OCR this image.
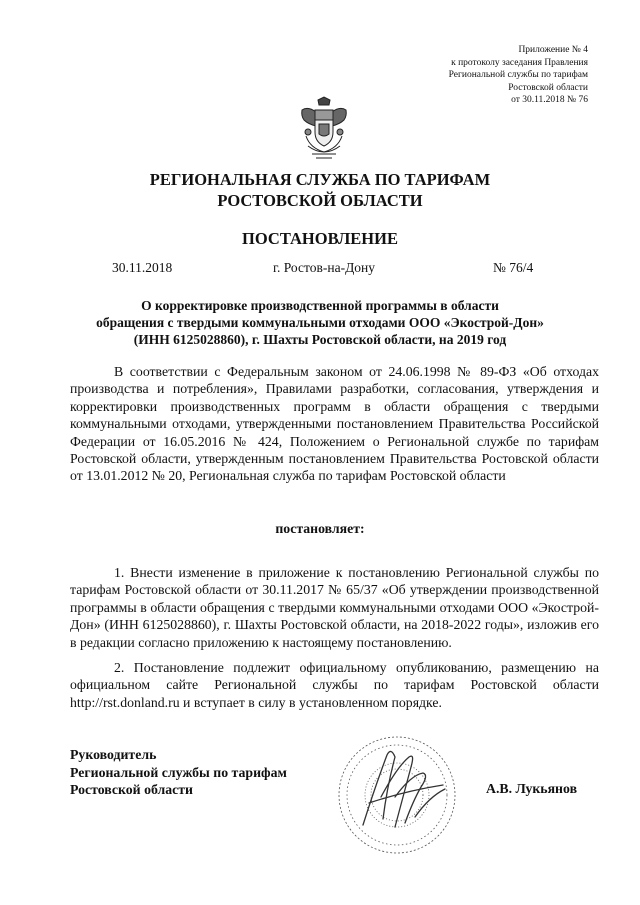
Приложение № 4
к протоколу заседания Правления
Региональной службы по тарифам
Ростовской области
от 30.11.2018 № 76
РЕГИОНАЛЬНАЯ СЛУЖБА ПО ТАРИФАМ
РОСТОВСКОЙ ОБЛАСТИ
ПОСТАНОВЛЕНИЕ
30.11.2018	г. Ростов-на-Дону	№ 76/4
О корректировке производственной программы в области
обращения с твердыми коммунальными отходами ООО «Экострой-Дон»
(ИНН 6125028860), г. Шахты Ростовской области, на 2019 год

В соответствии с Федеральным законом от 24.06.1998 № 89-ФЗ «Об отходах производства и потребления», Правилами разработки, согласования, утверждения и корректировки производственных программ в области обращения с твердыми коммунальными отходами, утвержденными постановлением Правительства Российской Федерации от 16.05.2016 № 424, Положением о Региональной службе по тарифам Ростовской области, утвержденным постановлением Правительства Ростовской области от 13.01.2012 № 20, Региональная служба по тарифам Ростовской области

постановляет:

1. Внести изменение в приложение к постановлению Региональной службы по тарифам Ростовской области от 30.11.2017 № 65/37 «Об утверждении производственной программы в области обращения с твердыми коммунальными отходами ООО «Экострой-Дон» (ИНН 6125028860), г. Шахты Ростовской области, на 2018-2022 годы», изложив его в редакции согласно приложению к настоящему постановлению.

2. Постановление подлежит официальному опубликованию, размещению на официальном сайте Региональной службы по тарифам Ростовской области http://rst.donland.ru и вступает в силу в установленном порядке.

Руководитель
Региональной службы по тарифам
Ростовской области	А.В. Лукьянов
